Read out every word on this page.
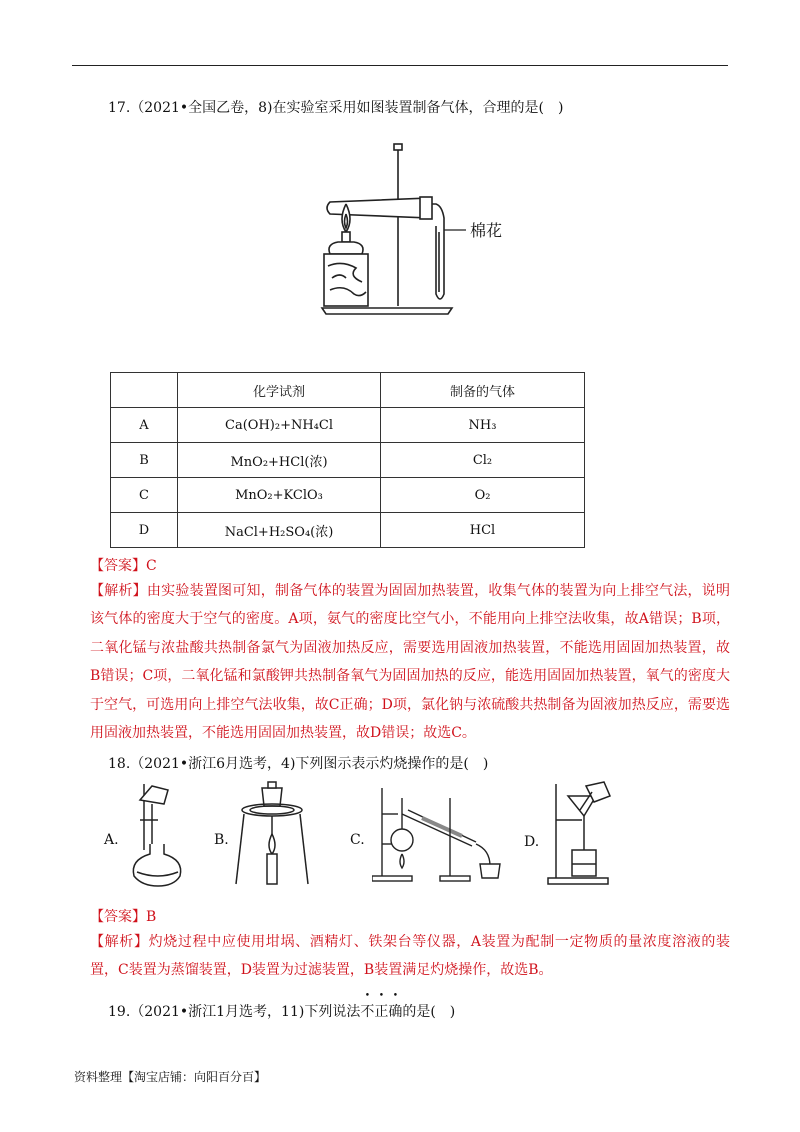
17.（2021•全国乙卷，8)在实验室采用如图装置制备气体，合理的是(　)
棉花
	化学试剂	制备的气体
A	Ca(OH)₂+NH₄Cl	NH₃
B	MnO₂+HCl(浓)	Cl₂
C	MnO₂+KClO₃	O₂
D	NaCl+H₂SO₄(浓)	HCl
【答案】C
【解析】由实验装置图可知，制备气体的装置为固固加热装置，收集气体的装置为向上排空气法，说明该气体的密度大于空气的密度。A项，氨气的密度比空气小，不能用向上排空法收集，故A错误；B项，二氧化锰与浓盐酸共热制备氯气为固液加热反应，需要选用固液加热装置，不能选用固固加热装置，故B错误；C项，二氧化锰和氯酸钾共热制备氧气为固固加热的反应，能选用固固加热装置，氧气的密度大于空气，可选用向上排空气法收集，故C正确；D项，氯化钠与浓硫酸共热制备为固液加热反应，需要选用固液加热装置，不能选用固固加热装置，故D错误；故选C。
18.（2021•浙江6月选考，4)下列图示表示灼烧操作的是(　)
A.	B.	C.	D.
【答案】B
【解析】灼烧过程中应使用坩埚、酒精灯、铁架台等仪器，A装置为配制一定物质的量浓度溶液的装置，C装置为蒸馏装置，D装置为过滤装置，B装置满足灼烧操作，故选B。
19.（2021•浙江1月选考，11)下列说法不正确的是(　)
资料整理【淘宝店铺：向阳百分百】
